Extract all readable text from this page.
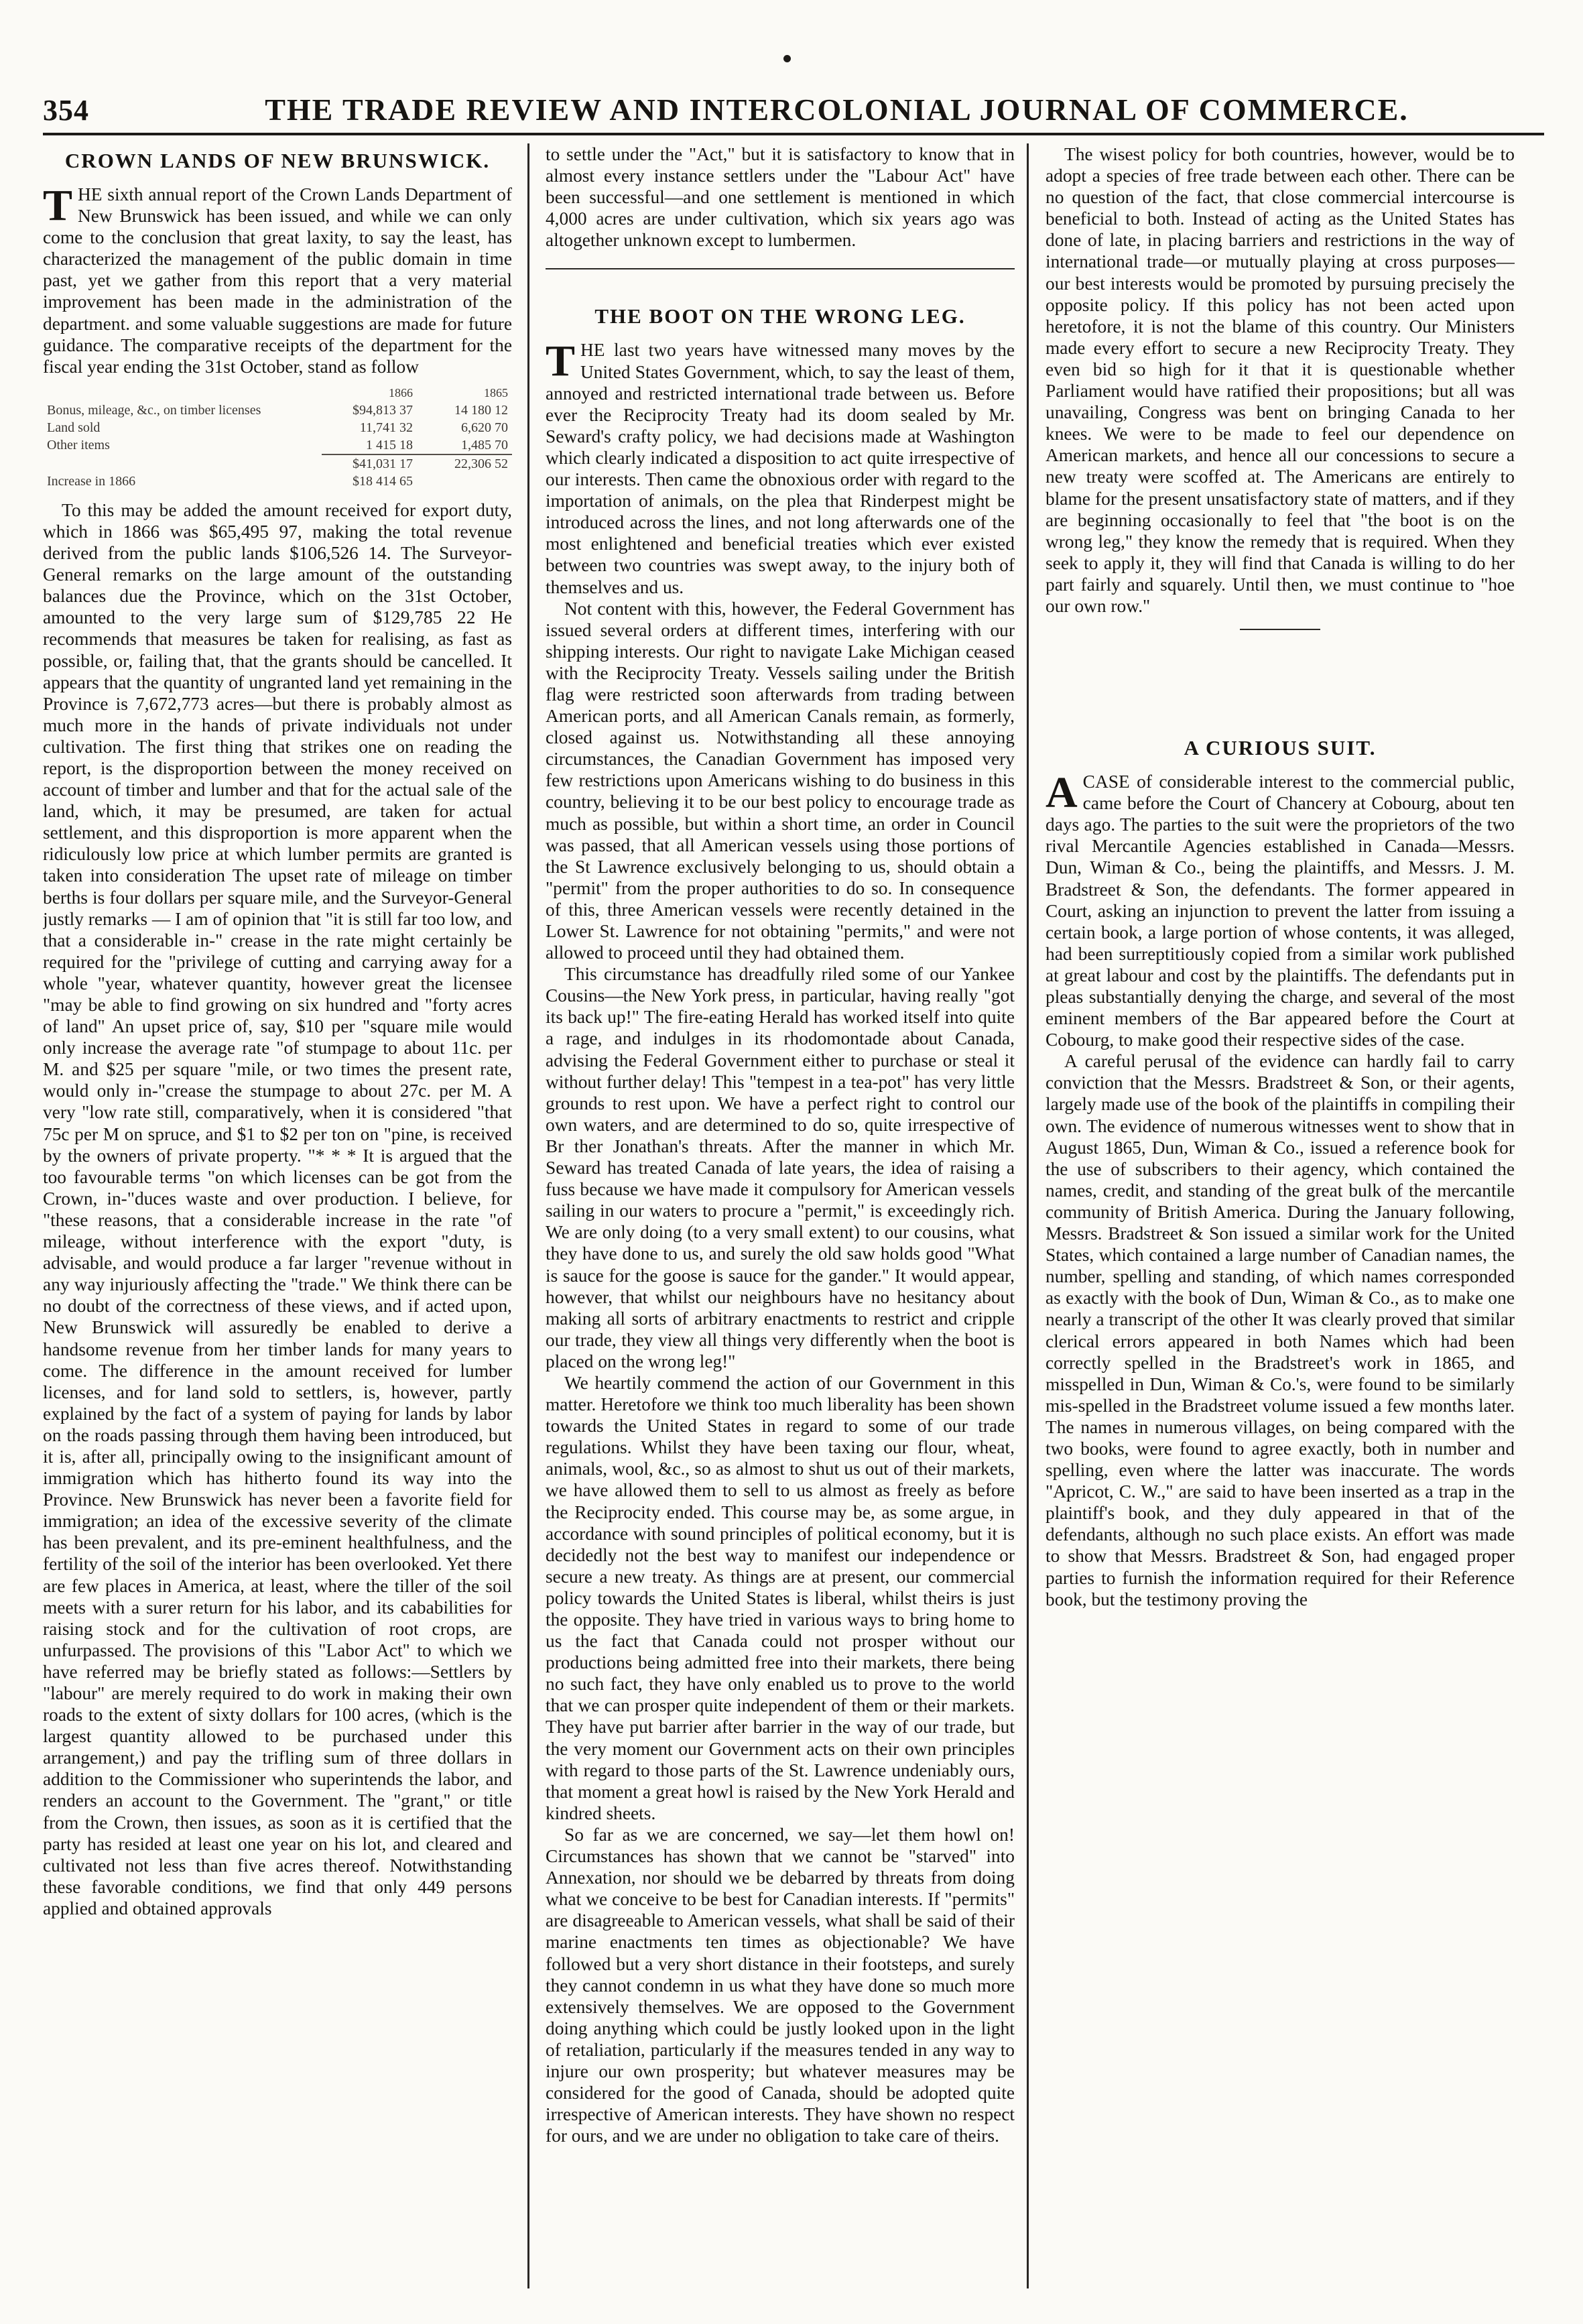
354	THE TRADE REVIEW AND INTERCOLONIAL JOURNAL OF COMMERCE.
CROWN LANDS OF NEW BRUNSWICK.

THE sixth annual report of the Crown Lands Department of New Brunswick has been issued, and while we can only come to the conclusion that great laxity, to say the least, has characterized the management of the public domain in time past, yet we gather from this report that a very material improvement has been made in the administration of the department. and some valuable suggestions are made for future guidance. The comparative receipts of the department for the fiscal year ending the 31st October, stand as follow

	1866	1865
Bonus, mileage, &c., on timber licenses	$94,813 37	14 180 12
Land sold	11,741 32	6,620 70
Other items	1 415 18	1,485 70
	$41,031 17	22,306 52
Increase in 1866	$18 414 65	

To this may be added the amount received for export duty, which in 1866 was $65,495 97, making the total revenue derived from the public lands $106,526 14. The Surveyor-General remarks on the large amount of the outstanding balances due the Province, which on the 31st October, amounted to the very large sum of $129,785 22 He recommends that measures be taken for realising, as fast as possible, or, failing that, that the grants should be cancelled. It appears that the quantity of ungranted land yet remaining in the Province is 7,672,773 acres—but there is probably almost as much more in the hands of private individuals not under cultivation. The first thing that strikes one on reading the report, is the disproportion between the money received on account of timber and lumber and that for the actual sale of the land, which, it may be presumed, are taken for actual settlement, and this disproportion is more apparent when the ridiculously low price at which lumber permits are granted is taken into consideration The upset rate of mileage on timber berths is four dollars per square mile, and the Surveyor-General justly remarks — I am of opinion that "it is still far too low, and that a considerable in-" crease in the rate might certainly be required for the "privilege of cutting and carrying away for a whole "year, whatever quantity, however great the licensee "may be able to find growing on six hundred and "forty acres of land" An upset price of, say, $10 per "square mile would only increase the average rate "of stumpage to about 11c. per M. and $25 per square "mile, or two times the present rate, would only in-"crease the stumpage to about 27c. per M. A very "low rate still, comparatively, when it is considered "that 75c per M on spruce, and $1 to $2 per ton on "pine, is received by the owners of private property. "* * * It is argued that the too favourable terms "on which licenses can be got from the Crown, in-"duces waste and over production. I believe, for "these reasons, that a considerable increase in the rate "of mileage, without interference with the export "duty, is advisable, and would produce a far larger "revenue without in any way injuriously affecting the "trade." We think there can be no doubt of the correctness of these views, and if acted upon, New Brunswick will assuredly be enabled to derive a handsome revenue from her timber lands for many years to come. The difference in the amount received for lumber licenses, and for land sold to settlers, is, however, partly explained by the fact of a system of paying for lands by labor on the roads passing through them having been introduced, but it is, after all, principally owing to the insignificant amount of immigration which has hitherto found its way into the Province. New Brunswick has never been a favorite field for immigration; an idea of the excessive severity of the climate has been prevalent, and its pre-eminent healthfulness, and the fertility of the soil of the interior has been overlooked. Yet there are few places in America, at least, where the tiller of the soil meets with a surer return for his labor, and its cababilities for raising stock and for the cultivation of root crops, are unfurpassed. The provisions of this "Labor Act" to which we have referred may be briefly stated as follows:—Settlers by "labour" are merely required to do work in making their own roads to the extent of sixty dollars for 100 acres, (which is the largest quantity allowed to be purchased under this arrangement,) and pay the trifling sum of three dollars in addition to the Commissioner who superintends the labor, and renders an account to the Government. The "grant," or title from the Crown, then issues, as soon as it is certified that the party has resided at least one year on his lot, and cleared and cultivated not less than five acres thereof. Notwithstanding these favorable conditions, we find that only 449 persons applied and obtained approvals

to settle under the "Act," but it is satisfactory to know that in almost every instance settlers under the "Labour Act" have been successful—and one settlement is mentioned in which 4,000 acres are under cultivation, which six years ago was altogether unknown except to lumbermen.

THE BOOT ON THE WRONG LEG.

THE last two years have witnessed many moves by the United States Government, which, to say the least of them, annoyed and restricted international trade between us. Before ever the Reciprocity Treaty had its doom sealed by Mr. Seward's crafty policy, we had decisions made at Washington which clearly indicated a disposition to act quite irrespective of our interests. Then came the obnoxious order with regard to the importation of animals, on the plea that Rinderpest might be introduced across the lines, and not long afterwards one of the most enlightened and beneficial treaties which ever existed between two countries was swept away, to the injury both of themselves and us.

Not content with this, however, the Federal Government has issued several orders at different times, interfering with our shipping interests. Our right to navigate Lake Michigan ceased with the Reciprocity Treaty. Vessels sailing under the British flag were restricted soon afterwards from trading between American ports, and all American Canals remain, as formerly, closed against us. Notwithstanding all these annoying circumstances, the Canadian Government has imposed very few restrictions upon Americans wishing to do business in this country, believing it to be our best policy to encourage trade as much as possible, but within a short time, an order in Council was passed, that all American vessels using those portions of the St Lawrence exclusively belonging to us, should obtain a "permit" from the proper authorities to do so. In consequence of this, three American vessels were recently detained in the Lower St. Lawrence for not obtaining "permits," and were not allowed to proceed until they had obtained them.

This circumstance has dreadfully riled some of our Yankee Cousins—the New York press, in particular, having really "got its back up!" The fire-eating Herald has worked itself into quite a rage, and indulges in its rhodomontade about Canada, advising the Federal Government either to purchase or steal it without further delay! This "tempest in a tea-pot" has very little grounds to rest upon. We have a perfect right to control our own waters, and are determined to do so, quite irrespective of Br ther Jonathan's threats. After the manner in which Mr. Seward has treated Canada of late years, the idea of raising a fuss because we have made it compulsory for American vessels sailing in our waters to procure a "permit," is exceedingly rich. We are only doing (to a very small extent) to our cousins, what they have done to us, and surely the old saw holds good "What is sauce for the goose is sauce for the gander." It would appear, however, that whilst our neighbours have no hesitancy about making all sorts of arbitrary enactments to restrict and cripple our trade, they view all things very differently when the boot is placed on the wrong leg!"

We heartily commend the action of our Government in this matter. Heretofore we think too much liberality has been shown towards the United States in regard to some of our trade regulations. Whilst they have been taxing our flour, wheat, animals, wool, &c., so as almost to shut us out of their markets, we have allowed them to sell to us almost as freely as before the Reciprocity ended. This course may be, as some argue, in accordance with sound principles of political economy, but it is decidedly not the best way to manifest our independence or secure a new treaty. As things are at present, our commercial policy towards the United States is liberal, whilst theirs is just the opposite. They have tried in various ways to bring home to us the fact that Canada could not prosper without our productions being admitted free into their markets, there being no such fact, they have only enabled us to prove to the world that we can prosper quite independent of them or their markets. They have put barrier after barrier in the way of our trade, but the very moment our Government acts on their own principles with regard to those parts of the St. Lawrence undeniably ours, that moment a great howl is raised by the New York Herald and kindred sheets.

So far as we are concerned, we say—let them howl on! Circumstances has shown that we cannot be "starved" into Annexation, nor should we be debarred by threats from doing what we conceive to be best for Canadian interests. If "permits" are disagreeable to American vessels, what shall be said of their marine enactments ten times as objectionable? We have followed but a very short distance in their footsteps, and surely they cannot condemn in us what they have done so much more extensively themselves. We are opposed to the Government doing anything which could be justly looked upon in the light of retaliation, particularly if the measures tended in any way to injure our own prosperity; but whatever measures may be considered for the good of Canada, should be adopted quite irrespective of American interests. They have shown no respect for ours, and we are under no obligation to take care of theirs.

The wisest policy for both countries, however, would be to adopt a species of free trade between each other. There can be no question of the fact, that close commercial intercourse is beneficial to both. Instead of acting as the United States has done of late, in placing barriers and restrictions in the way of international trade—or mutually playing at cross purposes—our best interests would be promoted by pursuing precisely the opposite policy. If this policy has not been acted upon heretofore, it is not the blame of this country. Our Ministers made every effort to secure a new Reciprocity Treaty. They even bid so high for it that it is questionable whether Parliament would have ratified their propositions; but all was unavailing, Congress was bent on bringing Canada to her knees. We were to be made to feel our dependence on American markets, and hence all our concessions to secure a new treaty were scoffed at. The Americans are entirely to blame for the present unsatisfactory state of matters, and if they are beginning occasionally to feel that "the boot is on the wrong leg," they know the remedy that is required. When they seek to apply it, they will find that Canada is willing to do her part fairly and squarely. Until then, we must continue to "hoe our own row."

A CURIOUS SUIT.

ACASE of considerable interest to the commercial public, came before the Court of Chancery at Cobourg, about ten days ago. The parties to the suit were the proprietors of the two rival Mercantile Agencies established in Canada—Messrs. Dun, Wiman & Co., being the plaintiffs, and Messrs. J. M. Bradstreet & Son, the defendants. The former appeared in Court, asking an injunction to prevent the latter from issuing a certain book, a large portion of whose contents, it was alleged, had been surreptitiously copied from a similar work published at great labour and cost by the plaintiffs. The defendants put in pleas substantially denying the charge, and several of the most eminent members of the Bar appeared before the Court at Cobourg, to make good their respective sides of the case.

A careful perusal of the evidence can hardly fail to carry conviction that the Messrs. Bradstreet & Son, or their agents, largely made use of the book of the plaintiffs in compiling their own. The evidence of numerous witnesses went to show that in August 1865, Dun, Wiman & Co., issued a reference book for the use of subscribers to their agency, which contained the names, credit, and standing of the great bulk of the mercantile community of British America. During the January following, Messrs. Bradstreet & Son issued a similar work for the United States, which contained a large number of Canadian names, the number, spelling and standing, of which names corresponded as exactly with the book of Dun, Wiman & Co., as to make one nearly a transcript of the other It was clearly proved that similar clerical errors appeared in both Names which had been correctly spelled in the Bradstreet's work in 1865, and misspelled in Dun, Wiman & Co.'s, were found to be similarly mis-spelled in the Bradstreet volume issued a few months later. The names in numerous villages, on being compared with the two books, were found to agree exactly, both in number and spelling, even where the latter was inaccurate. The words "Apricot, C. W.," are said to have been inserted as a trap in the plaintiff's book, and they duly appeared in that of the defendants, although no such place exists. An effort was made to show that Messrs. Bradstreet & Son, had engaged proper parties to furnish the information required for their Reference book, but the testimony proving the
